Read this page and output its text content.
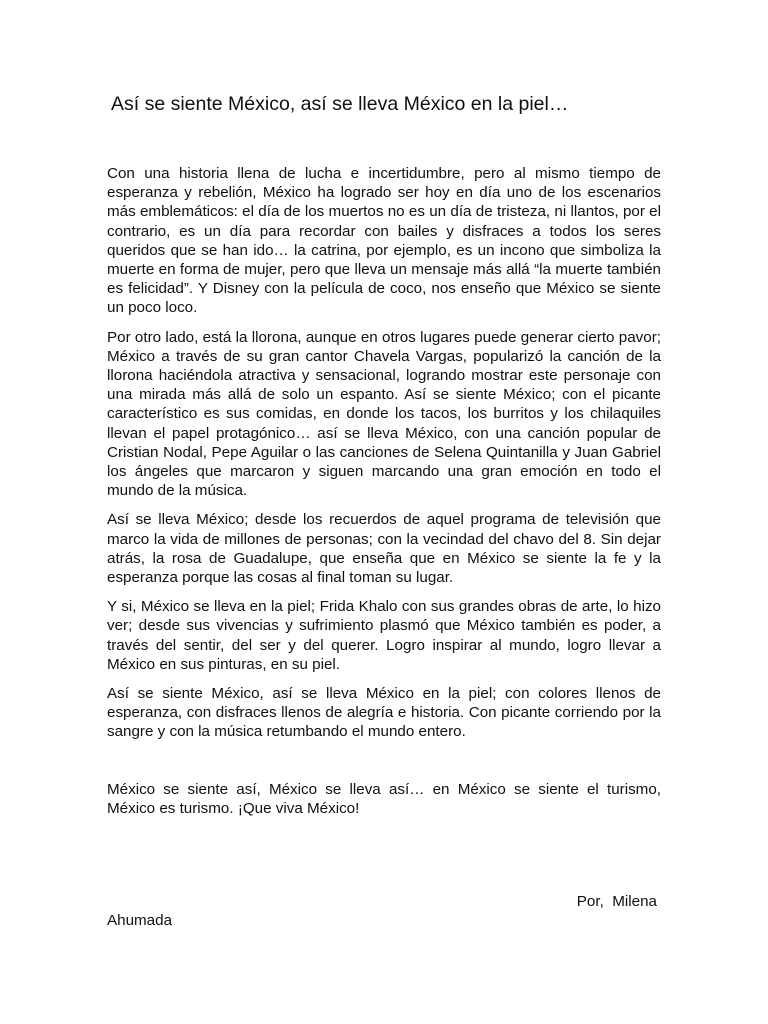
Así se siente México, así se lleva México en la piel…

Con una historia llena de lucha e incertidumbre, pero al mismo tiempo de esperanza y rebelión, México ha logrado ser hoy en día uno de los escenarios más emblemáticos: el día de los muertos no es un día de tristeza, ni llantos, por el contrario, es un día para recordar con bailes y disfraces a todos los seres queridos que se han ido… la catrina, por ejemplo, es un incono que simboliza la muerte en forma de mujer, pero que lleva un mensaje más allá “la muerte también es felicidad”. Y Disney con la película de coco, nos enseño que México se siente un poco loco.

Por otro lado, está la llorona, aunque en otros lugares puede generar cierto pavor; México a través de su gran cantor Chavela Vargas, popularizó la canción de la llorona haciéndola atractiva y sensacional, logrando mostrar este personaje con una mirada más allá de solo un espanto. Así se siente México; con el picante característico es sus comidas, en donde los tacos, los burritos y los chilaquiles llevan el papel protagónico… así se lleva México, con una canción popular de Cristian Nodal, Pepe Aguilar o las canciones de Selena Quintanilla y Juan Gabriel los ángeles que marcaron y siguen marcando una gran emoción en todo el mundo de la música.

Así se lleva México; desde los recuerdos de aquel programa de televisión que marco la vida de millones de personas; con la vecindad del chavo del 8. Sin dejar atrás, la rosa de Guadalupe, que enseña que en México se siente la fe y la esperanza porque las cosas al final toman su lugar.

Y si, México se lleva en la piel; Frida Khalo con sus grandes obras de arte, lo hizo ver; desde sus vivencias y sufrimiento plasmó que México también es poder, a través del sentir, del ser y del querer. Logro inspirar al mundo, logro llevar a México en sus pinturas, en su piel.

Así se siente México, así se lleva México en la piel; con colores llenos de esperanza, con disfraces llenos de alegría e historia. Con picante corriendo por la sangre y con la música retumbando el mundo entero.

México se siente así, México se lleva así… en México se siente el turismo, México es turismo. ¡Que viva México!

Por,  Milena
Ahumada
